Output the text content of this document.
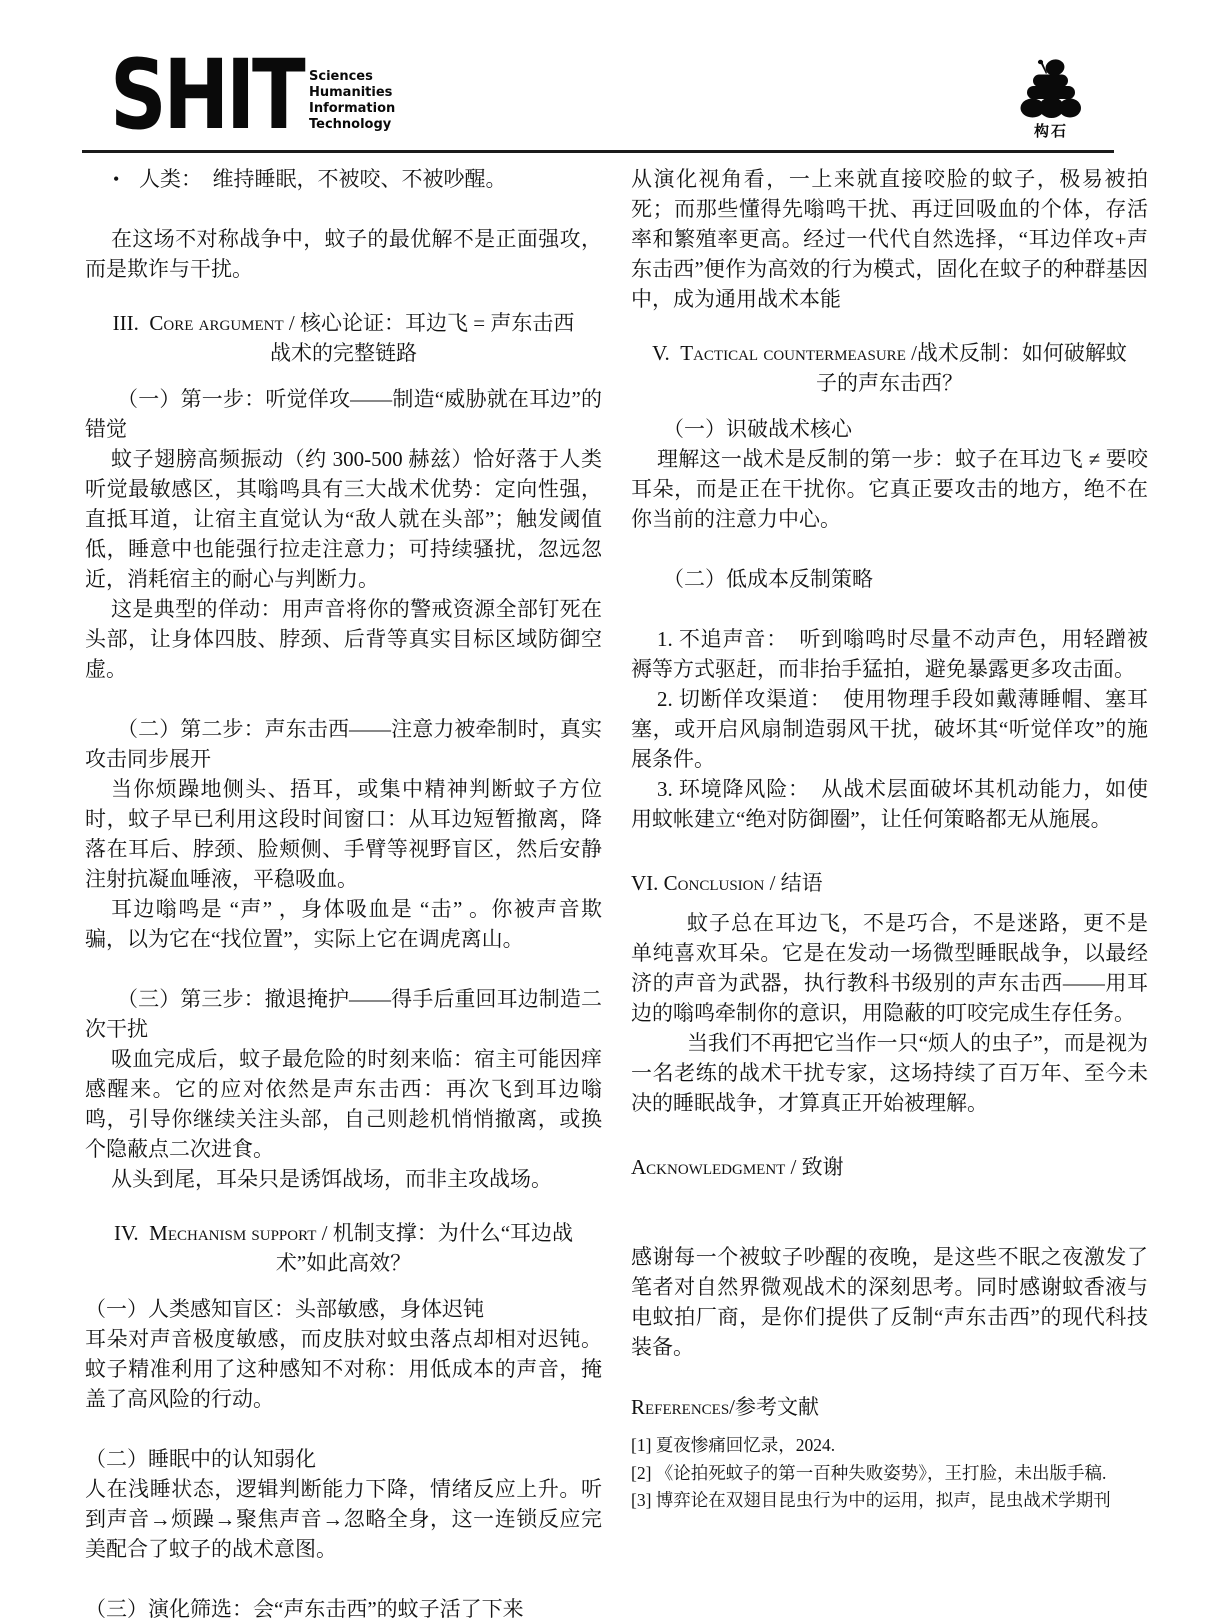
SHIT Sciences
Humanities
Information
Technology	构石
• 人类：　维持睡眠，不被咬、不被吵醒。
在这场不对称战争中，蚊子的最优解不是正面强攻，而是欺诈与干扰。
III. Core argument / 核心论证：耳边飞 = 声东击西战术的完整链路
（一）第一步：听觉佯攻——制造“威胁就在耳边”的错觉
蚊子翅膀高频振动（约 300-500 赫兹）恰好落于人类听觉最敏感区，其嗡鸣具有三大战术优势：定向性强，直抵耳道，让宿主直觉认为“敌人就在头部”；触发阈值低，睡意中也能强行拉走注意力；可持续骚扰，忽远忽近，消耗宿主的耐心与判断力。
这是典型的佯动：用声音将你的警戒资源全部钉死在头部，让身体四肢、脖颈、后背等真实目标区域防御空虚。
（二）第二步：声东击西——注意力被牵制时，真实攻击同步展开
当你烦躁地侧头、捂耳，或集中精神判断蚊子方位时，蚊子早已利用这段时间窗口：从耳边短暂撤离，降落在耳后、脖颈、脸颊侧、手臂等视野盲区，然后安静注射抗凝血唾液，平稳吸血。
耳边嗡鸣是 “声” ，身体吸血是 “击” 。你被声音欺骗，以为它在“找位置”，实际上它在调虎离山。
（三）第三步：撤退掩护——得手后重回耳边制造二次干扰
吸血完成后，蚊子最危险的时刻来临：宿主可能因痒感醒来。它的应对依然是声东击西：再次飞到耳边嗡鸣，引导你继续关注头部，自己则趁机悄悄撤离，或换个隐蔽点二次进食。
从头到尾，耳朵只是诱饵战场，而非主攻战场。
IV. Mechanism support / 机制支撑：为什么“耳边战术”如此高效？
（一）人类感知盲区：头部敏感，身体迟钝
耳朵对声音极度敏感，而皮肤对蚊虫落点却相对迟钝。蚊子精准利用了这种感知不对称：用低成本的声音，掩盖了高风险的行动。
（二）睡眠中的认知弱化
人在浅睡状态，逻辑判断能力下降，情绪反应上升。听到声音→烦躁→聚焦声音→忽略全身，这一连锁反应完美配合了蚊子的战术意图。
（三）演化筛选：会“声东击西”的蚊子活了下来
从演化视角看，一上来就直接咬脸的蚊子，极易被拍死；而那些懂得先嗡鸣干扰、再迂回吸血的个体，存活率和繁殖率更高。经过一代代自然选择，“耳边佯攻+声东击西”便作为高效的行为模式，固化在蚊子的种群基因中，成为通用战术本能
V. Tactical countermeasure /战术反制：如何破解蚊子的声东击西？
（一）识破战术核心
理解这一战术是反制的第一步：蚊子在耳边飞 ≠ 要咬耳朵，而是正在干扰你。它真正要攻击的地方，绝不在你当前的注意力中心。
（二）低成本反制策略
1. 不追声音：　听到嗡鸣时尽量不动声色，用轻蹭被褥等方式驱赶，而非抬手猛拍，避免暴露更多攻击面。
2. 切断佯攻渠道：　使用物理手段如戴薄睡帽、塞耳塞，或开启风扇制造弱风干扰，破坏其“听觉佯攻”的施展条件。
3. 环境降风险：　从战术层面破坏其机动能力，如使用蚊帐建立“绝对防御圈”，让任何策略都无从施展。
VI. Conclusion / 结语
蚊子总在耳边飞，不是巧合，不是迷路，更不是单纯喜欢耳朵。它是在发动一场微型睡眠战争，以最经济的声音为武器，执行教科书级别的声东击西——用耳边的嗡鸣牵制你的意识，用隐蔽的叮咬完成生存任务。
当我们不再把它当作一只“烦人的虫子”，而是视为一名老练的战术干扰专家，这场持续了百万年、至今未决的睡眠战争，才算真正开始被理解。
Acknowledgment / 致谢
感谢每一个被蚊子吵醒的夜晚，是这些不眠之夜激发了笔者对自然界微观战术的深刻思考。同时感谢蚊香液与电蚊拍厂商，是你们提供了反制“声东击西”的现代科技装备。
References/参考文献
[1] 夏夜惨痛回忆录，2024.
[2] 《论拍死蚊子的第一百种失败姿势》，王打脸，未出版手稿.
[3] 博弈论在双翅目昆虫行为中的运用，拟声，昆虫战术学期刊
